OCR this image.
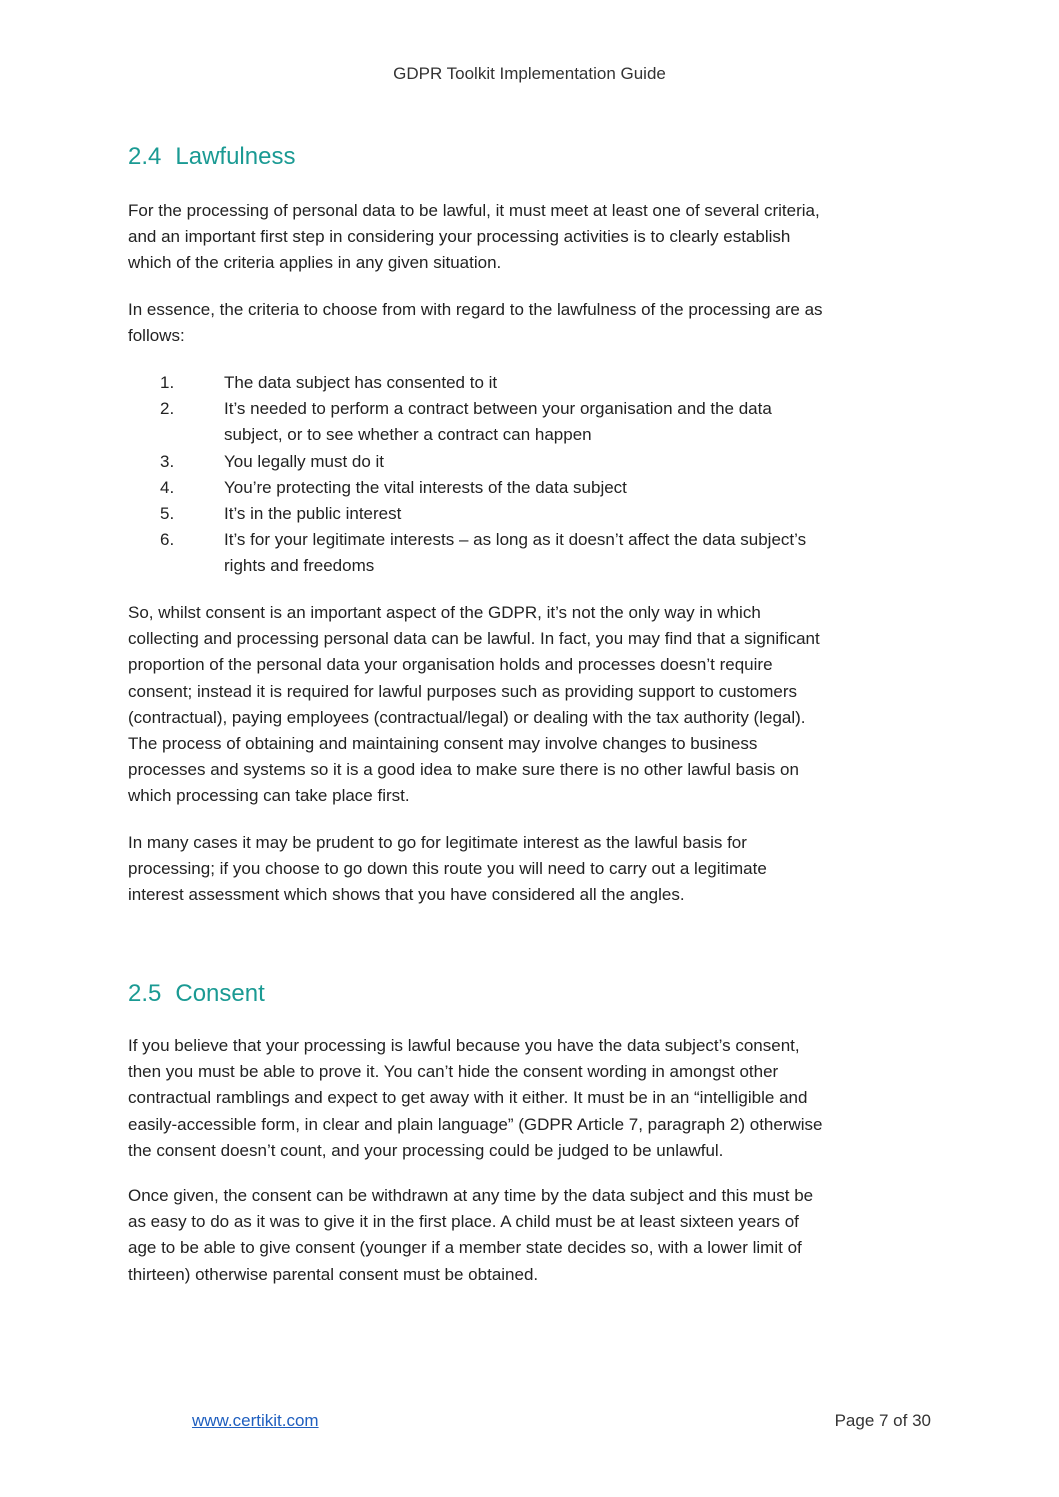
GDPR Toolkit Implementation Guide
2.4 Lawfulness
For the processing of personal data to be lawful, it must meet at least one of several criteria,
and an important first step in considering your processing activities is to clearly establish
which of the criteria applies in any given situation.
In essence, the criteria to choose from with regard to the lawfulness of the processing are as
follows:
1.	The data subject has consented to it
2.	It’s needed to perform a contract between your organisation and the data
subject, or to see whether a contract can happen
3.	You legally must do it
4.	You’re protecting the vital interests of the data subject
5.	It’s in the public interest
6.	It’s for your legitimate interests – as long as it doesn’t affect the data subject’s
rights and freedoms
So, whilst consent is an important aspect of the GDPR, it’s not the only way in which
collecting and processing personal data can be lawful. In fact, you may find that a significant
proportion of the personal data your organisation holds and processes doesn’t require
consent; instead it is required for lawful purposes such as providing support to customers
(contractual), paying employees (contractual/legal) or dealing with the tax authority (legal).
The process of obtaining and maintaining consent may involve changes to business
processes and systems so it is a good idea to make sure there is no other lawful basis on
which processing can take place first.
In many cases it may be prudent to go for legitimate interest as the lawful basis for
processing; if you choose to go down this route you will need to carry out a legitimate
interest assessment which shows that you have considered all the angles.
2.5 Consent
If you believe that your processing is lawful because you have the data subject’s consent,
then you must be able to prove it. You can’t hide the consent wording in amongst other
contractual ramblings and expect to get away with it either. It must be in an “intelligible and
easily-accessible form, in clear and plain language” (GDPR Article 7, paragraph 2) otherwise
the consent doesn’t count, and your processing could be judged to be unlawful.
Once given, the consent can be withdrawn at any time by the data subject and this must be
as easy to do as it was to give it in the first place. A child must be at least sixteen years of
age to be able to give consent (younger if a member state decides so, with a lower limit of
thirteen) otherwise parental consent must be obtained.
www.certikit.com	Page 7 of 30
